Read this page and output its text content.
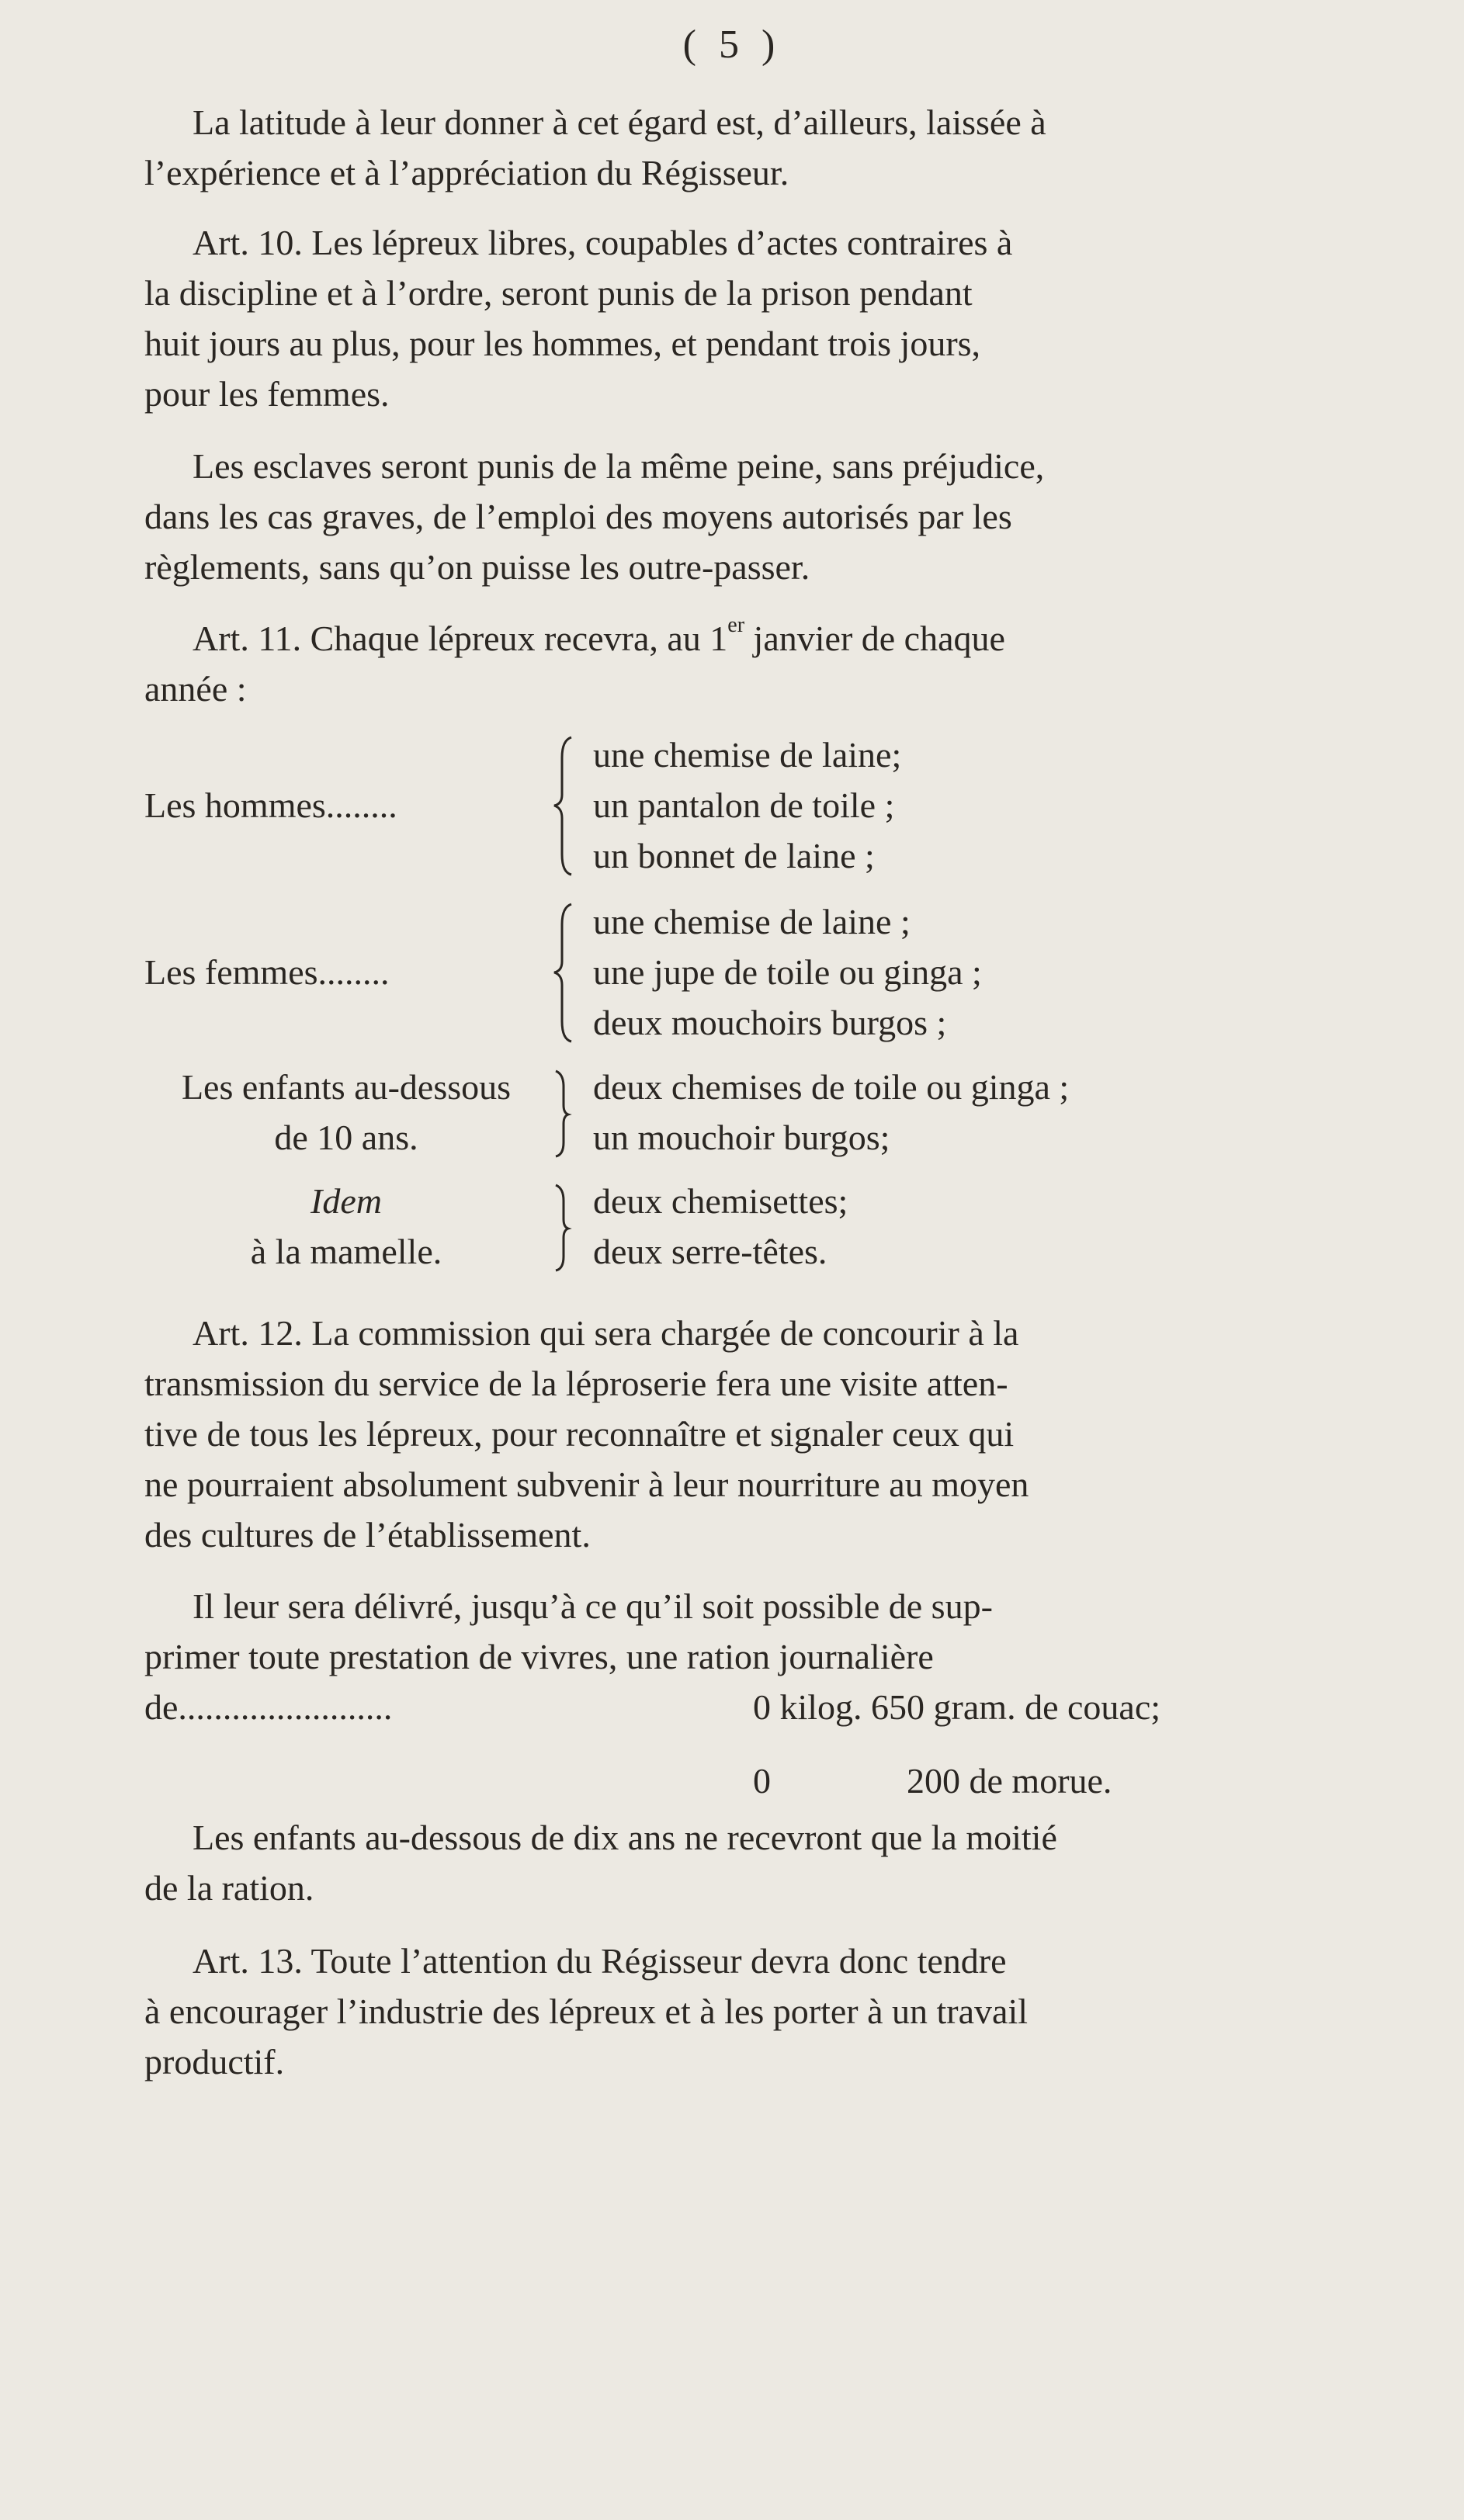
( 5 )
La latitude à leur donner à cet égard est, d’ailleurs, laissée à
l’expérience et à l’appréciation du Régisseur.
Art. 10. Les lépreux libres, coupables d’actes contraires à
la discipline et à l’ordre, seront punis de la prison pendant
huit jours au plus, pour les hommes, et pendant trois jours,
pour les femmes.
Les esclaves seront punis de la même peine, sans préjudice,
dans les cas graves, de l’emploi des moyens autorisés par les
règlements, sans qu’on puisse les outre-passer.
Art. 11. Chaque lépreux recevra, au 1er janvier de chaque
année :
Les hommes........
une chemise de laine;
un pantalon de toile ;
un bonnet de laine ;
Les femmes........
une chemise de laine ;
une jupe de toile ou ginga ;
deux mouchoirs burgos ;
Les enfants au-dessous
de 10 ans.
deux chemises de toile ou ginga ;
un mouchoir burgos;
Idem
à la mamelle.
deux chemisettes;
deux serre-têtes.
Art. 12. La commission qui sera chargée de concourir à la
transmission du service de la léproserie fera une visite atten-
tive de tous les lépreux, pour reconnaître et signaler ceux qui
ne pourraient absolument subvenir à leur nourriture au moyen
des cultures de l’établissement.
Il leur sera délivré, jusqu’à ce qu’il soit possible de sup-
primer toute prestation de vivres, une ration journalière
de........................	0 kilog. 650 gram. de couac;
0	200 de morue.
Les enfants au-dessous de dix ans ne recevront que la moitié
de la ration.
Art. 13. Toute l’attention du Régisseur devra donc tendre
à encourager l’industrie des lépreux et à les porter à un travail
productif.
